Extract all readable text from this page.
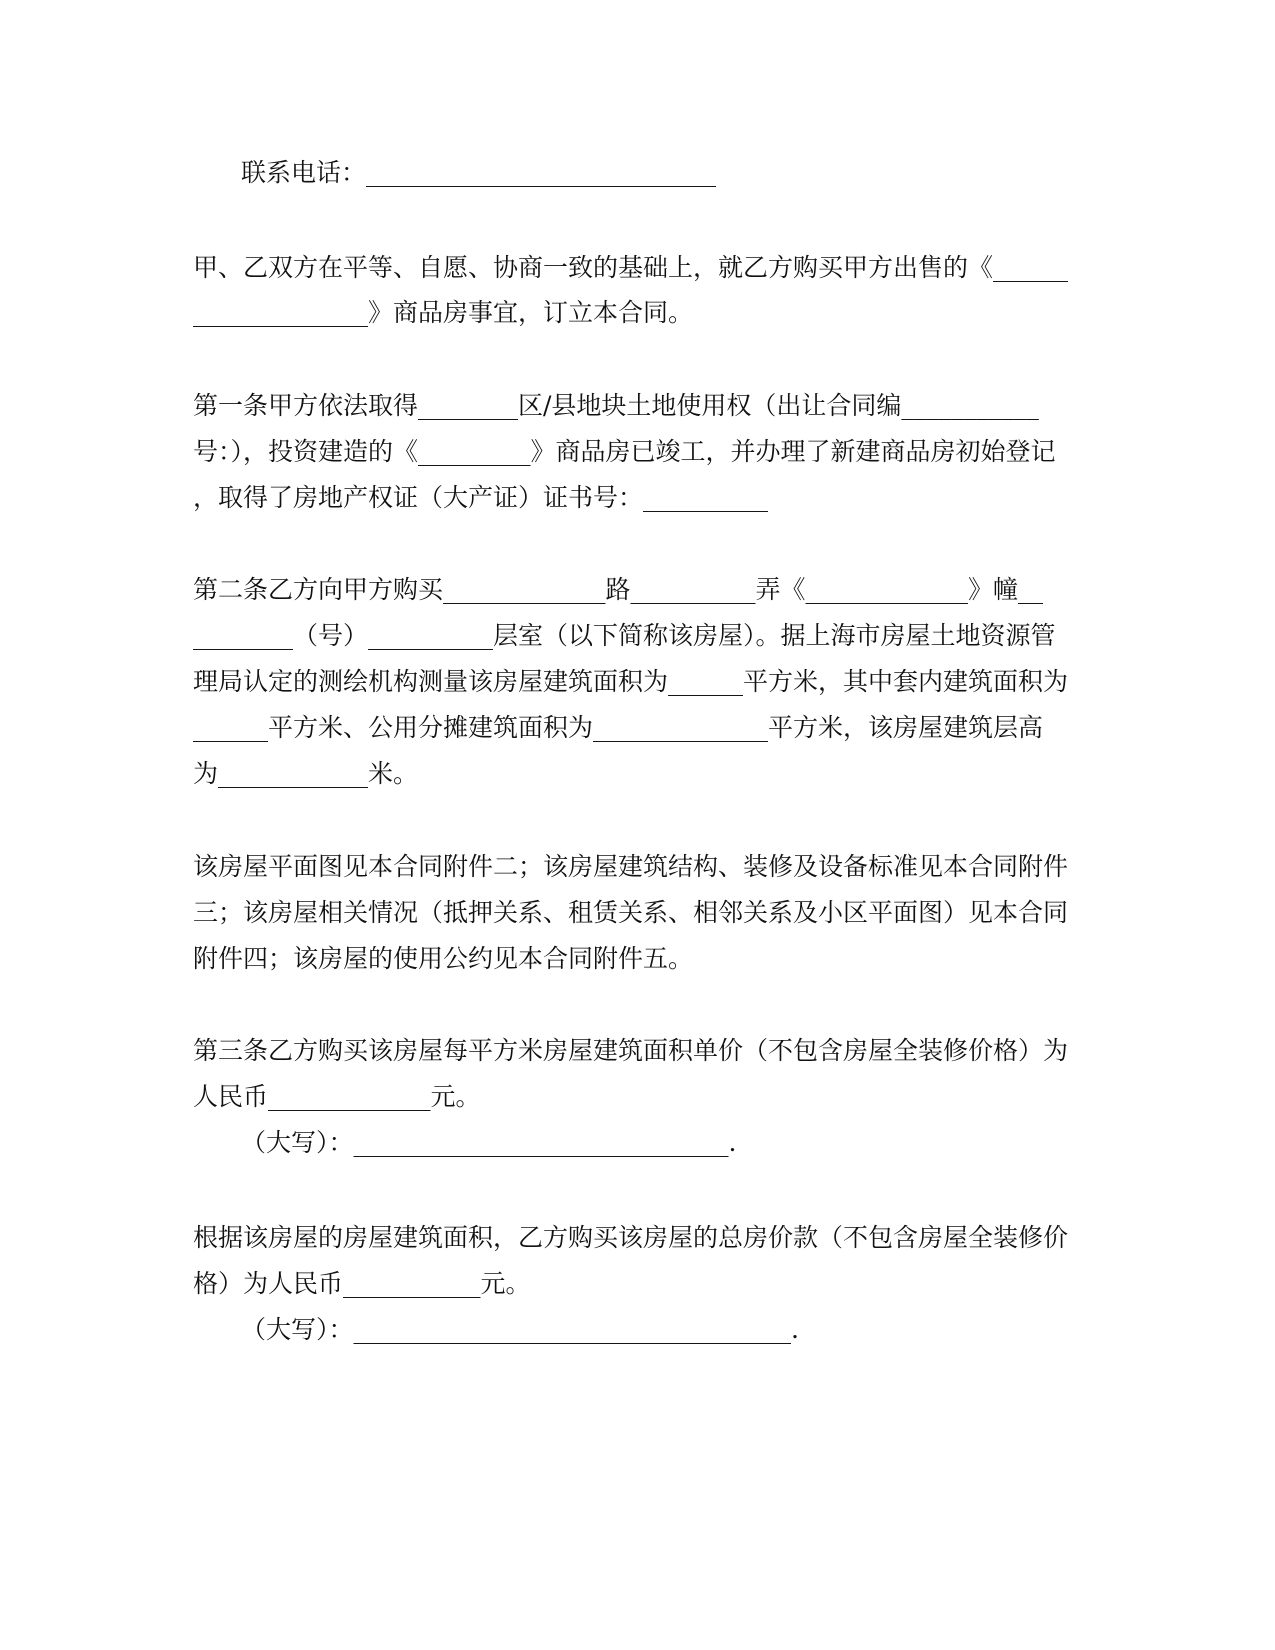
联系电话：____________________________
甲、乙双方在平等、自愿、协商一致的基础上，就乙方购买甲方出售的《______
______________》商品房事宜，订立本合同。
第一条甲方依法取得________区/县地块土地使用权（出让合同编___________
号：），投资建造的《_________》商品房已竣工，并办理了新建商品房初始登记
，取得了房地产权证（大产证）证书号：__________
第二条乙方向甲方购买_____________路__________弄《_____________》幢__
________（号）__________层室（以下简称该房屋）。据上海市房屋土地资源管
理局认定的测绘机构测量该房屋建筑面积为______平方米，其中套内建筑面积为
______平方米、公用分摊建筑面积为______________平方米，该房屋建筑层高
为____________米。
该房屋平面图见本合同附件二；该房屋建筑结构、装修及设备标准见本合同附件
三；该房屋相关情况（抵押关系、租赁关系、相邻关系及小区平面图）见本合同
附件四；该房屋的使用公约见本合同附件五。
第三条乙方购买该房屋每平方米房屋建筑面积单价（不包含房屋全装修价格）为
人民币_____________元。
（大写）：______________________________.
根据该房屋的房屋建筑面积，乙方购买该房屋的总房价款（不包含房屋全装修价
格）为人民币___________元。
（大写）：___________________________________.
